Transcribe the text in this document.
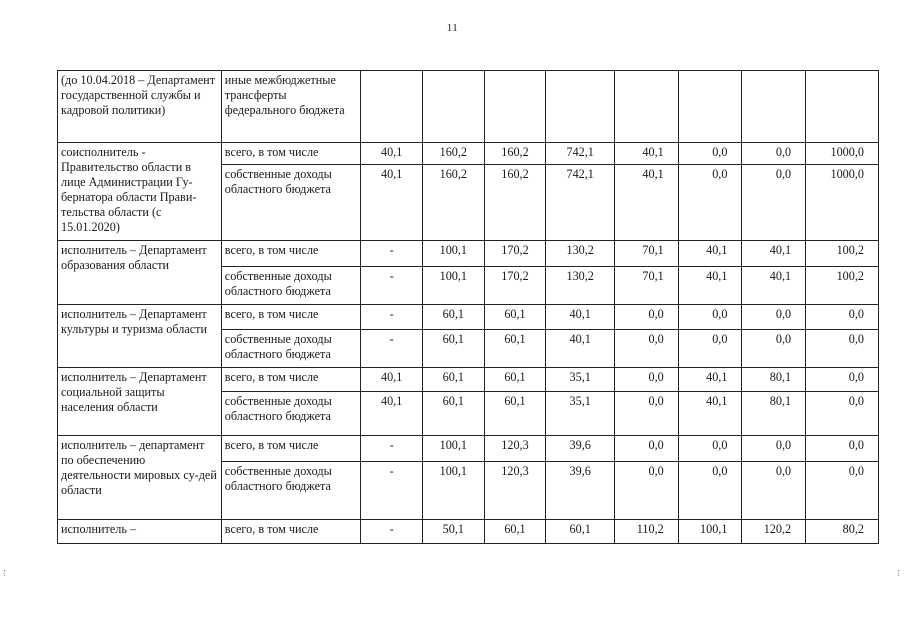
11
(до 10.04.2018 – Департамент государственной службы и кадровой политики)	иные межбюджетные трансферты федерального бюджета								
соисполнитель - Правительство области в лице Администрации Гу-бернатора области Прави-тельства области (с 15.01.2020)	всего, в том числе	40,1	160,2	160,2	742,1	40,1	0,0	0,0	1000,0
	собственные доходы областного бюджета	40,1	160,2	160,2	742,1	40,1	0,0	0,0	1000,0
исполнитель – Департамент образования области	всего, в том числе	-	100,1	170,2	130,2	70,1	40,1	40,1	100,2
	собственные доходы областного бюджета	-	100,1	170,2	130,2	70,1	40,1	40,1	100,2
исполнитель – Департамент культуры и туризма области	всего, в том числе	-	60,1	60,1	40,1	0,0	0,0	0,0	0,0
	собственные доходы областного бюджета	-	60,1	60,1	40,1	0,0	0,0	0,0	0,0
исполнитель – Департамент социальной защиты населения области	всего, в том числе	40,1	60,1	60,1	35,1	0,0	40,1	80,1	0,0
	собственные доходы областного бюджета	40,1	60,1	60,1	35,1	0,0	40,1	80,1	0,0
исполнитель – департамент по обеспечению деятельности мировых су-дей области	всего, в том числе	-	100,1	120,3	39,6	0,0	0,0	0,0	0,0
	собственные доходы областного бюджета	-	100,1	120,3	39,6	0,0	0,0	0,0	0,0
исполнитель –	всего, в том числе	-	50,1	60,1	60,1	110,2	100,1	120,2	80,2
